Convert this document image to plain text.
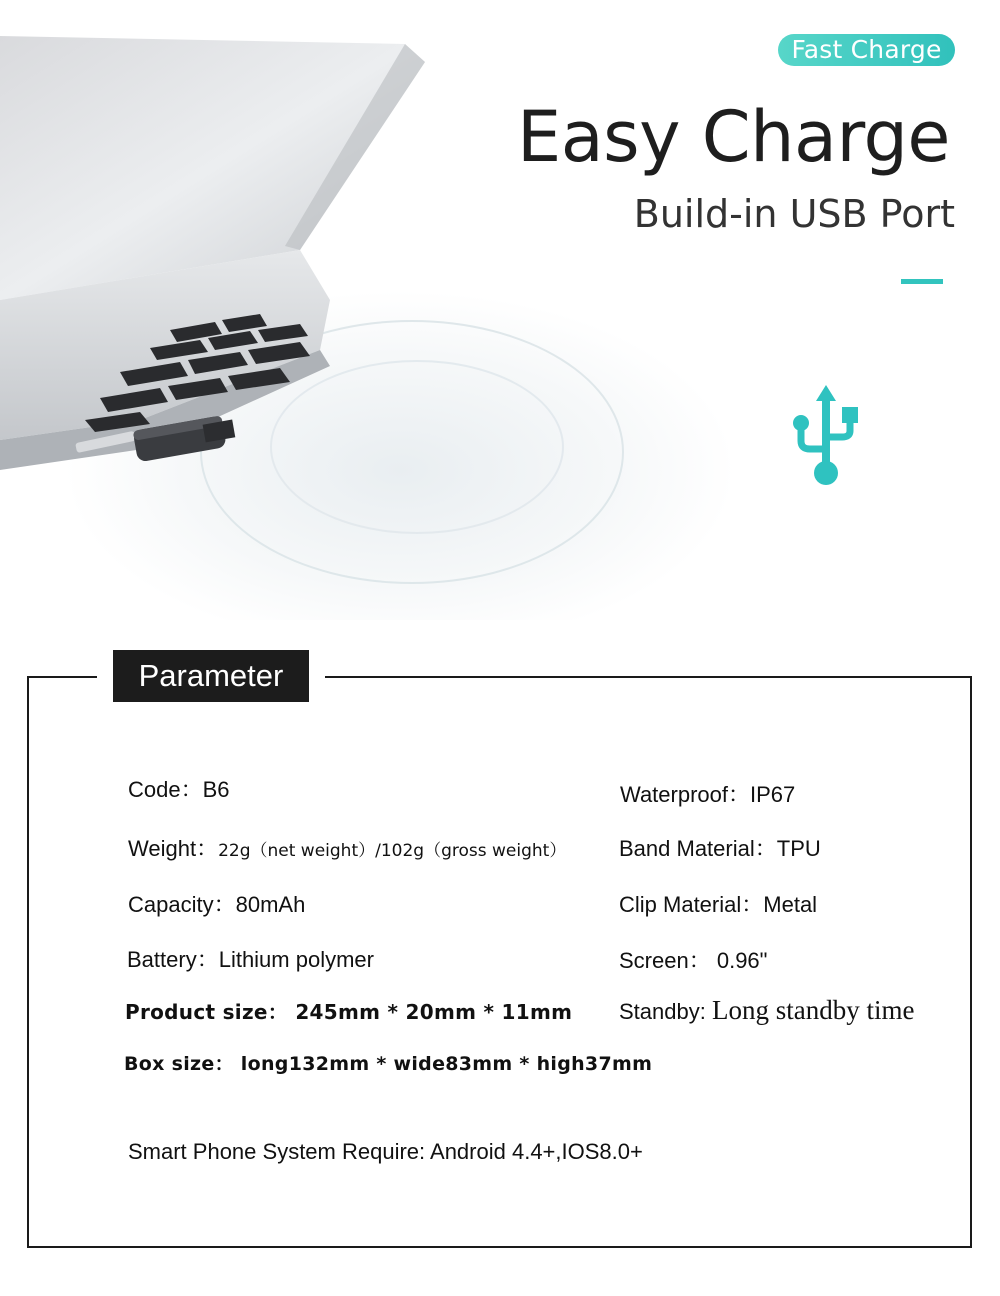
Fast Charge
Easy Charge
Build-in USB Port
Parameter
Code：B6
Weight：22g（net weight）/102g（gross weight）
Capacity：80mAh
Battery：Lithium polymer
Product size： 245mm * 20mm * 11mm
Box size： long132mm * wide83mm * high37mm
Smart Phone System Require: Android 4.4+,IOS8.0+
Waterproof：IP67
Band Material：TPU
Clip Material：Metal
Screen： 0.96"
Standby: Long standby time
